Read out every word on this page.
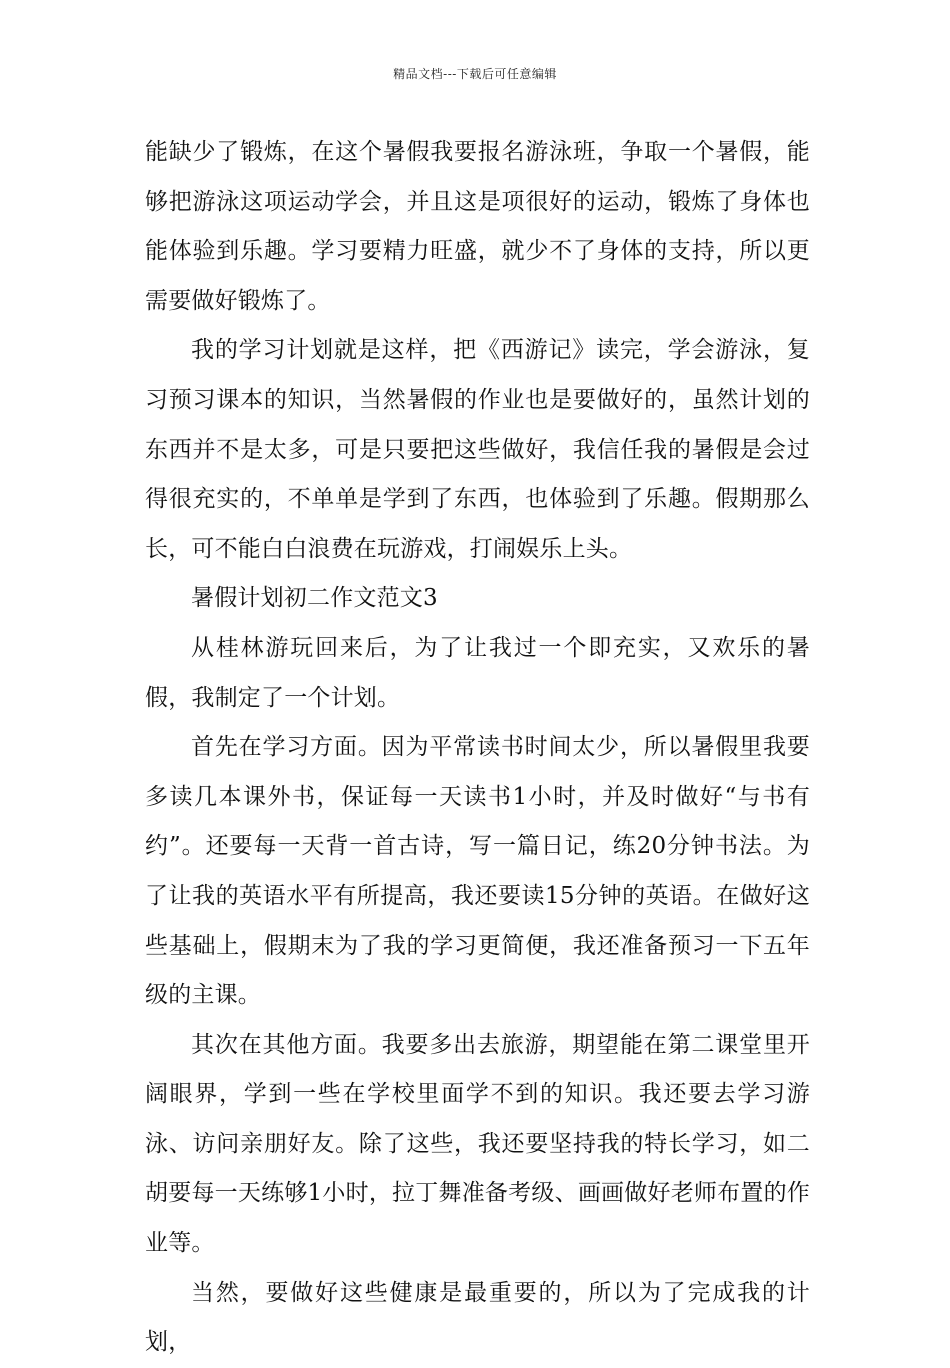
精品文档---下载后可任意编辑

能缺少了锻炼，在这个暑假我要报名游泳班，争取一个暑假，能够把游泳这项运动学会，并且这是项很好的运动，锻炼了身体也能体验到乐趣。学习要精力旺盛，就少不了身体的支持，所以更需要做好锻炼了。

我的学习计划就是这样，把《西游记》读完，学会游泳，复习预习课本的知识，当然暑假的作业也是要做好的，虽然计划的东西并不是太多，可是只要把这些做好，我信任我的暑假是会过得很充实的，不单单是学到了东西，也体验到了乐趣。假期那么长，可不能白白浪费在玩游戏，打闹娱乐上头。

暑假计划初二作文范文3

从桂林游玩回来后，为了让我过一个即充实，又欢乐的暑假，我制定了一个计划。

首先在学习方面。因为平常读书时间太少，所以暑假里我要多读几本课外书，保证每一天读书1小时，并及时做好“与书有约”。还要每一天背一首古诗，写一篇日记，练20分钟书法。为了让我的英语水平有所提高，我还要读15分钟的英语。在做好这些基础上，假期末为了我的学习更简便，我还准备预习一下五年级的主课。

其次在其他方面。我要多出去旅游，期望能在第二课堂里开阔眼界，学到一些在学校里面学不到的知识。我还要去学习游泳、访问亲朋好友。除了这些，我还要坚持我的特长学习，如二胡要每一天练够1小时，拉丁舞准备考级、画画做好老师布置的作业等。

当然，要做好这些健康是最重要的，所以为了完成我的计划，
